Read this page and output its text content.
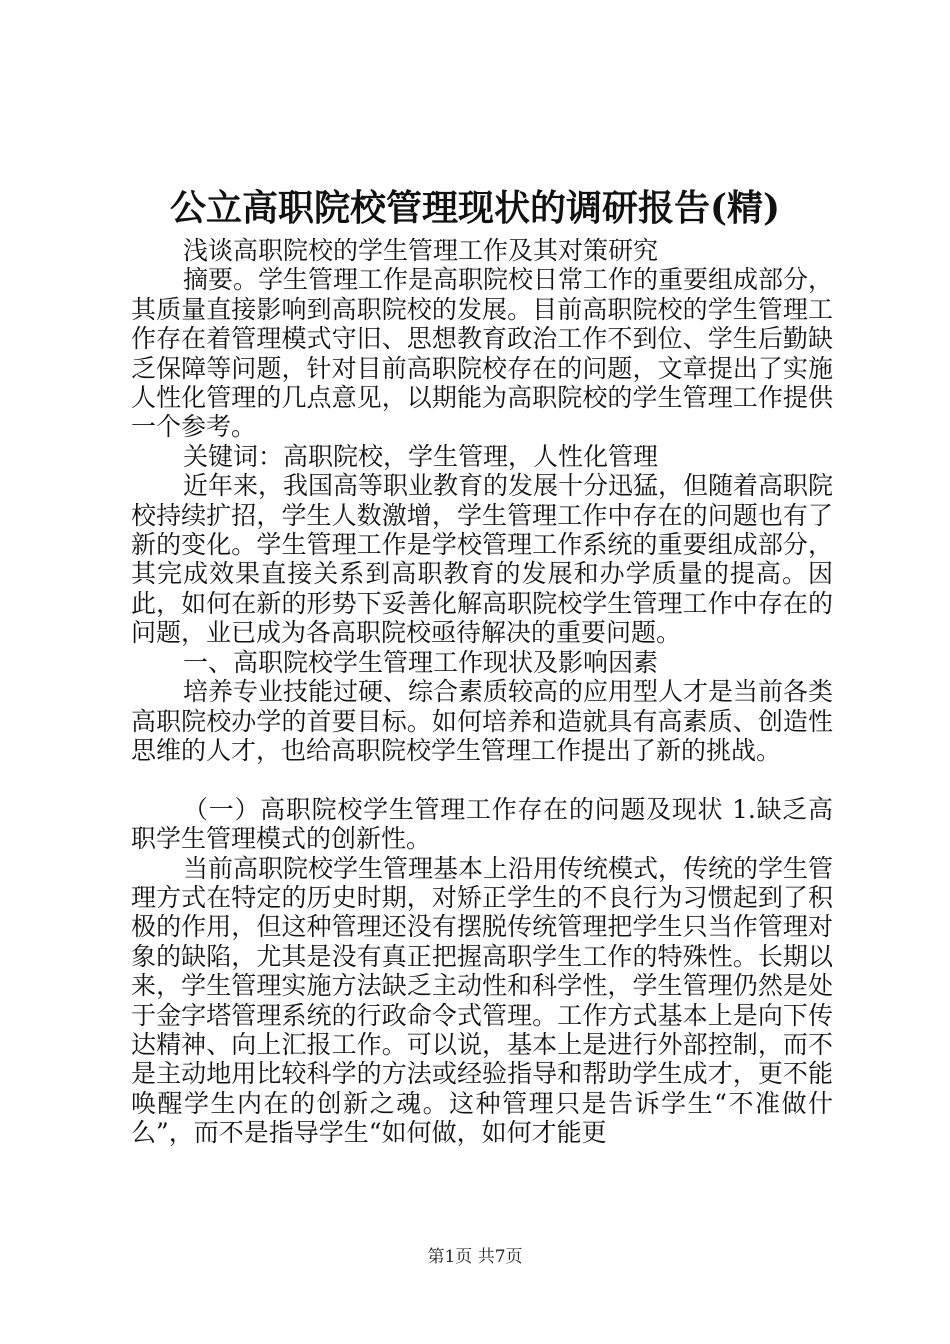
公立高职院校管理现状的调研报告(精)

浅谈高职院校的学生管理工作及其对策研究

摘要。学生管理工作是高职院校日常工作的重要组成部分，其质量直接影响到高职院校的发展。目前高职院校的学生管理工作存在着管理模式守旧、思想教育政治工作不到位、学生后勤缺乏保障等问题，针对目前高职院校存在的问题，文章提出了实施人性化管理的几点意见，以期能为高职院校的学生管理工作提供一个参考。

关键词：高职院校，学生管理，人性化管理

近年来，我国高等职业教育的发展十分迅猛，但随着高职院校持续扩招，学生人数激增，学生管理工作中存在的问题也有了新的变化。学生管理工作是学校管理工作系统的重要组成部分，其完成效果直接关系到高职教育的发展和办学质量的提高。因此，如何在新的形势下妥善化解高职院校学生管理工作中存在的问题，业已成为各高职院校亟待解决的重要问题。

一、高职院校学生管理工作现状及影响因素

培养专业技能过硬、综合素质较高的应用型人才是当前各类高职院校办学的首要目标。如何培养和造就具有高素质、创造性思维的人才，也给高职院校学生管理工作提出了新的挑战。

（一）高职院校学生管理工作存在的问题及现状 1.缺乏高职学生管理模式的创新性。

当前高职院校学生管理基本上沿用传统模式，传统的学生管理方式在特定的历史时期，对矫正学生的不良行为习惯起到了积极的作用，但这种管理还没有摆脱传统管理把学生只当作管理对象的缺陷，尤其是没有真正把握高职学生工作的特殊性。长期以来，学生管理实施方法缺乏主动性和科学性，学生管理仍然是处于金字塔管理系统的行政命令式管理。工作方式基本上是向下传达精神、向上汇报工作。可以说，基本上是进行外部控制，而不是主动地用比较科学的方法或经验指导和帮助学生成才，更不能唤醒学生内在的创新之魂。这种管理只是告诉学生“不准做什么”，而不是指导学生“如何做，如何才能更

第1页 共7页
